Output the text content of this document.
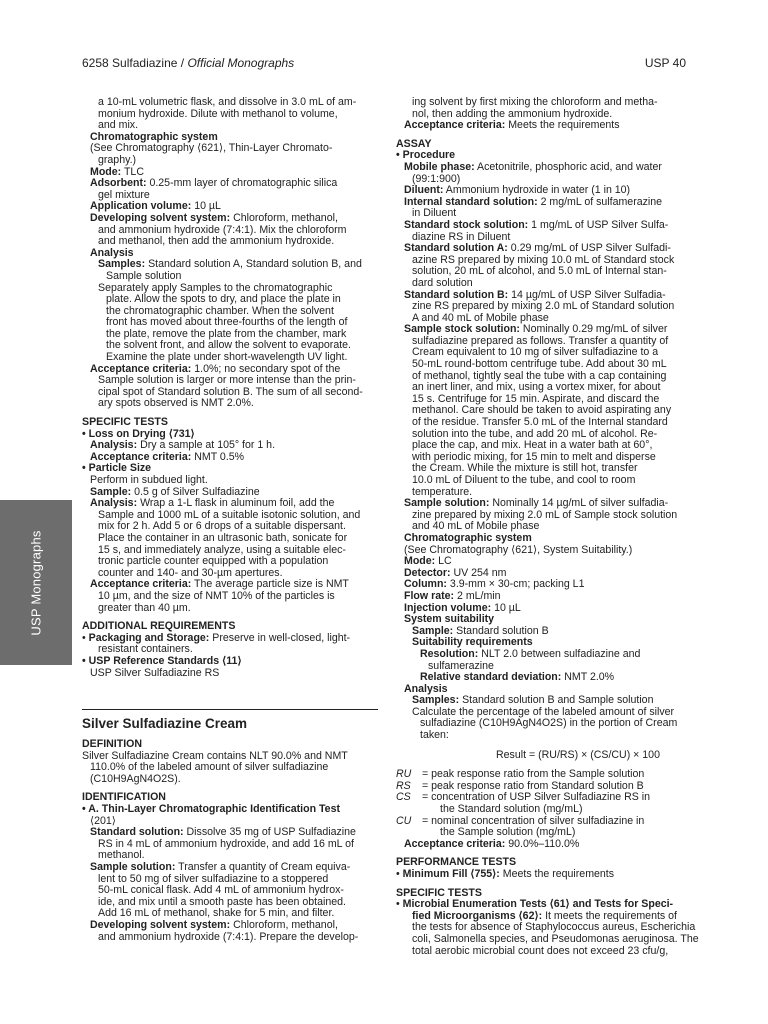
6258 Sulfadiazine / Official Monographs	USP 40
USP Monographs
a 10-mL volumetric flask, and dissolve in 3.0 mL of am-
monium hydroxide. Dilute with methanol to volume,
and mix.
Chromatographic system
(See Chromatography ⟨621⟩, Thin-Layer Chromato-
graphy.)
Mode: TLC
Adsorbent: 0.25-mm layer of chromatographic silica
gel mixture
Application volume: 10 µL
Developing solvent system: Chloroform, methanol,
and ammonium hydroxide (7:4:1). Mix the chloroform
and methanol, then add the ammonium hydroxide.
Analysis
Samples: Standard solution A, Standard solution B, and
Sample solution
Separately apply Samples to the chromatographic
plate. Allow the spots to dry, and place the plate in
the chromatographic chamber. When the solvent
front has moved about three-fourths of the length of
the plate, remove the plate from the chamber, mark
the solvent front, and allow the solvent to evaporate.
Examine the plate under short-wavelength UV light.
Acceptance criteria: 1.0%; no secondary spot of the
Sample solution is larger or more intense than the prin-
cipal spot of Standard solution B. The sum of all second-
ary spots observed is NMT 2.0%.
SPECIFIC TESTS
• Loss on Drying ⟨731⟩
Analysis: Dry a sample at 105° for 1 h.
Acceptance criteria: NMT 0.5%
• Particle Size
Perform in subdued light.
Sample: 0.5 g of Silver Sulfadiazine
Analysis: Wrap a 1-L flask in aluminum foil, add the
Sample and 1000 mL of a suitable isotonic solution, and
mix for 2 h. Add 5 or 6 drops of a suitable dispersant.
Place the container in an ultrasonic bath, sonicate for
15 s, and immediately analyze, using a suitable elec-
tronic particle counter equipped with a population
counter and 140- and 30-µm apertures.
Acceptance criteria: The average particle size is NMT
10 µm, and the size of NMT 10% of the particles is
greater than 40 µm.
ADDITIONAL REQUIREMENTS
• Packaging and Storage: Preserve in well-closed, light-
resistant containers.
• USP Reference Standards ⟨11⟩
USP Silver Sulfadiazine RS
Silver Sulfadiazine Cream
DEFINITION
Silver Sulfadiazine Cream contains NLT 90.0% and NMT
110.0% of the labeled amount of silver sulfadiazine
(C10H9AgN4O2S).
IDENTIFICATION
• A. Thin-Layer Chromatographic Identification Test
⟨201⟩
Standard solution: Dissolve 35 mg of USP Sulfadiazine
RS in 4 mL of ammonium hydroxide, and add 16 mL of
methanol.
Sample solution: Transfer a quantity of Cream equiva-
lent to 50 mg of silver sulfadiazine to a stoppered
50-mL conical flask. Add 4 mL of ammonium hydrox-
ide, and mix until a smooth paste has been obtained.
Add 16 mL of methanol, shake for 5 min, and filter.
Developing solvent system: Chloroform, methanol,
and ammonium hydroxide (7:4:1). Prepare the develop-
ing solvent by first mixing the chloroform and metha-
nol, then adding the ammonium hydroxide.
Acceptance criteria: Meets the requirements
ASSAY
• Procedure
Mobile phase: Acetonitrile, phosphoric acid, and water
(99:1:900)
Diluent: Ammonium hydroxide in water (1 in 10)
Internal standard solution: 2 mg/mL of sulfamerazine
in Diluent
Standard stock solution: 1 mg/mL of USP Silver Sulfa-
diazine RS in Diluent
Standard solution A: 0.29 mg/mL of USP Silver Sulfadi-
azine RS prepared by mixing 10.0 mL of Standard stock
solution, 20 mL of alcohol, and 5.0 mL of Internal stan-
dard solution
Standard solution B: 14 µg/mL of USP Silver Sulfadia-
zine RS prepared by mixing 2.0 mL of Standard solution
A and 40 mL of Mobile phase
Sample stock solution: Nominally 0.29 mg/mL of silver
sulfadiazine prepared as follows. Transfer a quantity of
Cream equivalent to 10 mg of silver sulfadiazine to a
50-mL round-bottom centrifuge tube. Add about 30 mL
of methanol, tightly seal the tube with a cap containing
an inert liner, and mix, using a vortex mixer, for about
15 s. Centrifuge for 15 min. Aspirate, and discard the
methanol. Care should be taken to avoid aspirating any
of the residue. Transfer 5.0 mL of the Internal standard
solution into the tube, and add 20 mL of alcohol. Re-
place the cap, and mix. Heat in a water bath at 60°,
with periodic mixing, for 15 min to melt and disperse
the Cream. While the mixture is still hot, transfer
10.0 mL of Diluent to the tube, and cool to room
temperature.
Sample solution: Nominally 14 µg/mL of silver sulfadia-
zine prepared by mixing 2.0 mL of Sample stock solution
and 40 mL of Mobile phase
Chromatographic system
(See Chromatography ⟨621⟩, System Suitability.)
Mode: LC
Detector: UV 254 nm
Column: 3.9-mm × 30-cm; packing L1
Flow rate: 2 mL/min
Injection volume: 10 µL
System suitability
Sample: Standard solution B
Suitability requirements
Resolution: NLT 2.0 between sulfadiazine and
sulfamerazine
Relative standard deviation: NMT 2.0%
Analysis
Samples: Standard solution B and Sample solution
Calculate the percentage of the labeled amount of silver
sulfadiazine (C10H9AgN4O2S) in the portion of Cream
taken:
Result = (RU/RS) × (CS/CU) × 100
RU	= peak response ratio from the Sample solution
RS	= peak response ratio from Standard solution B
CS	= concentration of USP Silver Sulfadiazine RS in
the Standard solution (mg/mL)
CU	= nominal concentration of silver sulfadiazine in
the Sample solution (mg/mL)
Acceptance criteria: 90.0%–110.0%
PERFORMANCE TESTS
• Minimum Fill ⟨755⟩: Meets the requirements
SPECIFIC TESTS
• Microbial Enumeration Tests ⟨61⟩ and Tests for Speci-
fied Microorganisms ⟨62⟩: It meets the requirements of
the tests for absence of Staphylococcus aureus, Escherichia
coli, Salmonella species, and Pseudomonas aeruginosa. The
total aerobic microbial count does not exceed 23 cfu/g,
